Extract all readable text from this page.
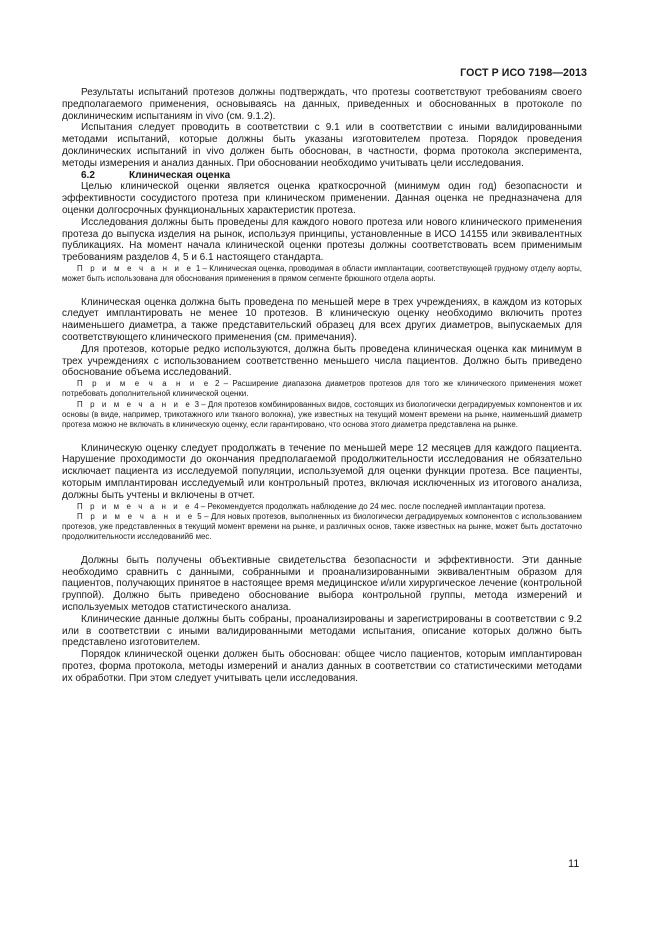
ГОСТ Р ИСО 7198—2013

Результаты испытаний протезов должны подтверждать, что протезы соответствуют требованиям своего предполагаемого применения, основываясь на данных, приведенных и обоснованных в протоколе по доклиническим испытаниям in vivo (см. 9.1.2).

Испытания следует проводить в соответствии с 9.1 или в соответствии с иными валидированными методами испытаний, которые должны быть указаны изготовителем протеза. Порядок проведения доклинических испытаний in vivo должен быть обоснован, в частности, форма протокола эксперимента, методы измерения и анализ данных. При обосновании необходимо учитывать цели исследования.

6.2	Клиническая оценка

Целью клинической оценки является оценка краткосрочной (минимум один год) безопасности и эффективности сосудистого протеза при клиническом применении. Данная оценка не предназначена для оценки долгосрочных функциональных характеристик протеза.

Исследования должны быть проведены для каждого нового протеза или нового клинического применения протеза до выпуска изделия на рынок, используя принципы, установленные в ИСО 14155 или эквивалентных публикациях. На момент начала клинической оценки протезы должны соответствовать всем применимым требованиям разделов 4, 5 и 6.1 настоящего стандарта.

П р и м е ч а н и е 1 – Клиническая оценка, проводимая в области имплантации, соответствующей грудному отделу аорты, может быть использована для обоснования применения в прямом сегменте брюшного отдела аорты.

Клиническая оценка должна быть проведена по меньшей мере в трех учреждениях, в каждом из которых следует имплантировать не менее 10 протезов. В клиническую оценку необходимо включить протез наименьшего диаметра, а также представительский образец для всех других диаметров, выпускаемых для соответствующего клинического применения (см. примечания).

Для протезов, которые редко используются, должна быть проведена клиническая оценка как минимум в трех учреждениях с использованием соответственно меньшего числа пациентов. Должно быть приведено обоснование объема исследований.

П р и м е ч а н и е 2 – Расширение диапазона диаметров протезов для того же клинического применения может потребовать дополнительной клинической оценки.

П р и м е ч а н и е 3 – Для протезов комбинированных видов, состоящих из биологически деградируемых компонентов и их основы (в виде, например, трикотажного или ткaного волокна), уже известных на текущий момент времени на рынке, наименьший диаметр протеза можно не включать в клиническую оценку, если гарантировано, что основа этого диаметра представлена на рынке.

Клиническую оценку следует продолжать в течение по меньшей мере 12 месяцев для каждого пациента. Нарушение проходимости до окончания предполагаемой продолжительности исследования не обязательно исключает пациента из исследуемой популяции, используемой для оценки функции протеза. Все пациенты, которым имплантирован исследуемый или контрольный протез, включая исключенных из итогового анализа, должны быть учтены и включены в отчет.

П р и м е ч а н и е 4 – Рекомендуется продолжать наблюдение до 24 мес. после последней имплантации протеза.

П р и м е ч а н и е 5 – Для новых протезов, выполненных из биологически деградируемых компонентов с использованием протезов, уже представленных в текущий момент времени на рынке, и различных основ, также известных на рынке, может быть достаточно продолжительности исследований6 мес.

Должны быть получены объективные свидетельства безопасности и эффективности. Эти данные необходимо сравнить с данными, собранными и проанализированными эквивалентным образом для пациентов, получающих принятое в настоящее время медицинское и/или хирургическое лечение (контрольной группой). Должно быть приведено обоснование выбора контрольной группы, метода измерений и используемых методов статистического анализа.

Клинические данные должны быть собраны, проанализированы и зарегистрированы в соответствии с 9.2 или в соответствии с иными валидированными методами испытания, описание которых должно быть представлено изготовителем.

Порядок клинической оценки должен быть обоснован: общее число пациентов, которым имплантирован протез, форма протокола, методы измерений и анализ данных в соответствии со статистическими методами их обработки. При этом следует учитывать цели исследования.

11
